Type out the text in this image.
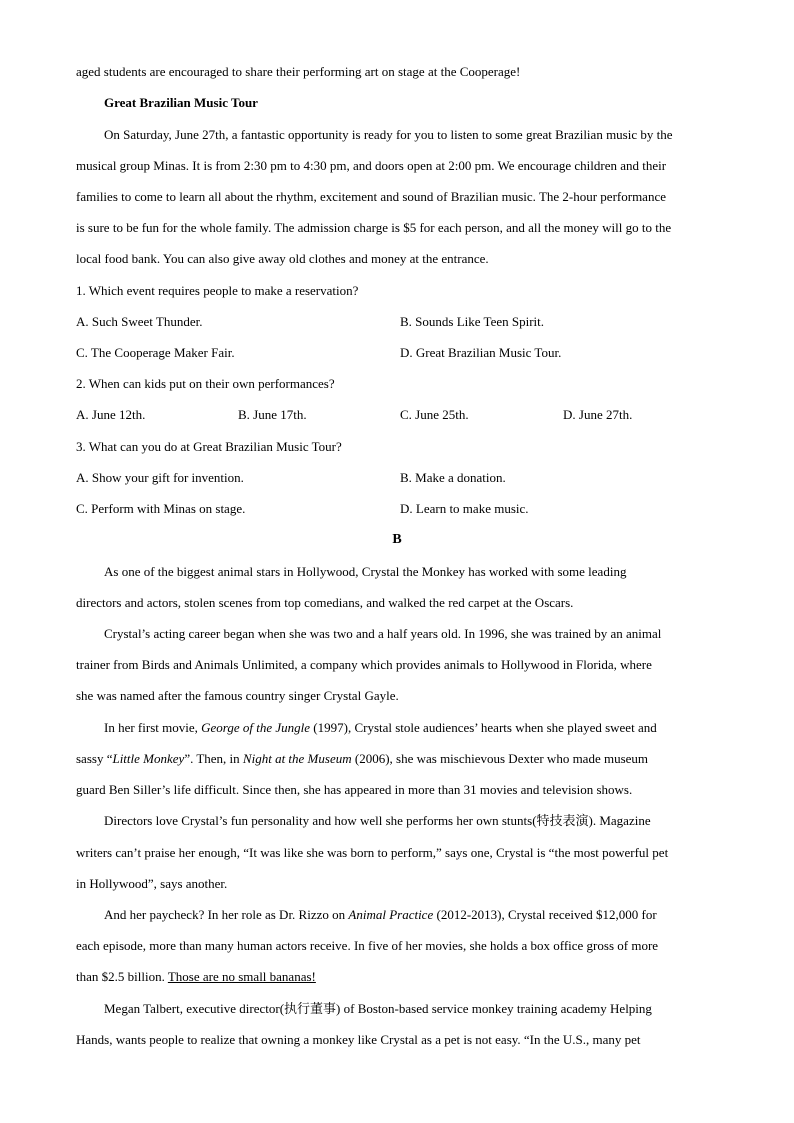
aged students are encouraged to share their performing art on stage at the Cooperage!
Great Brazilian Music Tour
On Saturday, June 27th, a fantastic opportunity is ready for you to listen to some great Brazilian music by the
musical group Minas. It is from 2:30 pm to 4:30 pm, and doors open at 2:00 pm. We encourage children and their
families to come to learn all about the rhythm, excitement and sound of Brazilian music. The 2-hour performance
is sure to be fun for the whole family. The admission charge is $5 for each person, and all the money will go to the
local food bank. You can also give away old clothes and money at the entrance.
1. Which event requires people to make a reservation?
A. Such Sweet Thunder.	B. Sounds Like Teen Spirit.
C. The Cooperage Maker Fair.	D. Great Brazilian Music Tour.
2. When can kids put on their own performances?
A. June 12th.	B. June 17th.	C. June 25th.	D. June 27th.
3. What can you do at Great Brazilian Music Tour?
A. Show your gift for invention.	B. Make a donation.
C. Perform with Minas on stage.	D. Learn to make music.
B
As one of the biggest animal stars in Hollywood, Crystal the Monkey has worked with some leading
directors and actors, stolen scenes from top comedians, and walked the red carpet at the Oscars.
Crystal’s acting career began when she was two and a half years old. In 1996, she was trained by an animal
trainer from Birds and Animals Unlimited, a company which provides animals to Hollywood in Florida, where
she was named after the famous country singer Crystal Gayle.
In her first movie, George of the Jungle (1997), Crystal stole audiences’ hearts when she played sweet and
sassy “Little Monkey”. Then, in Night at the Museum (2006), she was mischievous Dexter who made museum
guard Ben Siller’s life difficult. Since then, she has appeared in more than 31 movies and television shows.
Directors love Crystal’s fun personality and how well she performs her own stunts(特技表演). Magazine
writers can’t praise her enough, “It was like she was born to perform,” says one, Crystal is “the most powerful pet
in Hollywood”, says another.
And her paycheck? In her role as Dr. Rizzo on Animal Practice (2012-2013), Crystal received $12,000 for
each episode, more than many human actors receive. In five of her movies, she holds a box office gross of more
than $2.5 billion. Those are no small bananas!
Megan Talbert, executive director(执行董事) of Boston-based service monkey training academy Helping
Hands, wants people to realize that owning a monkey like Crystal as a pet is not easy. “In the U.S., many pet
